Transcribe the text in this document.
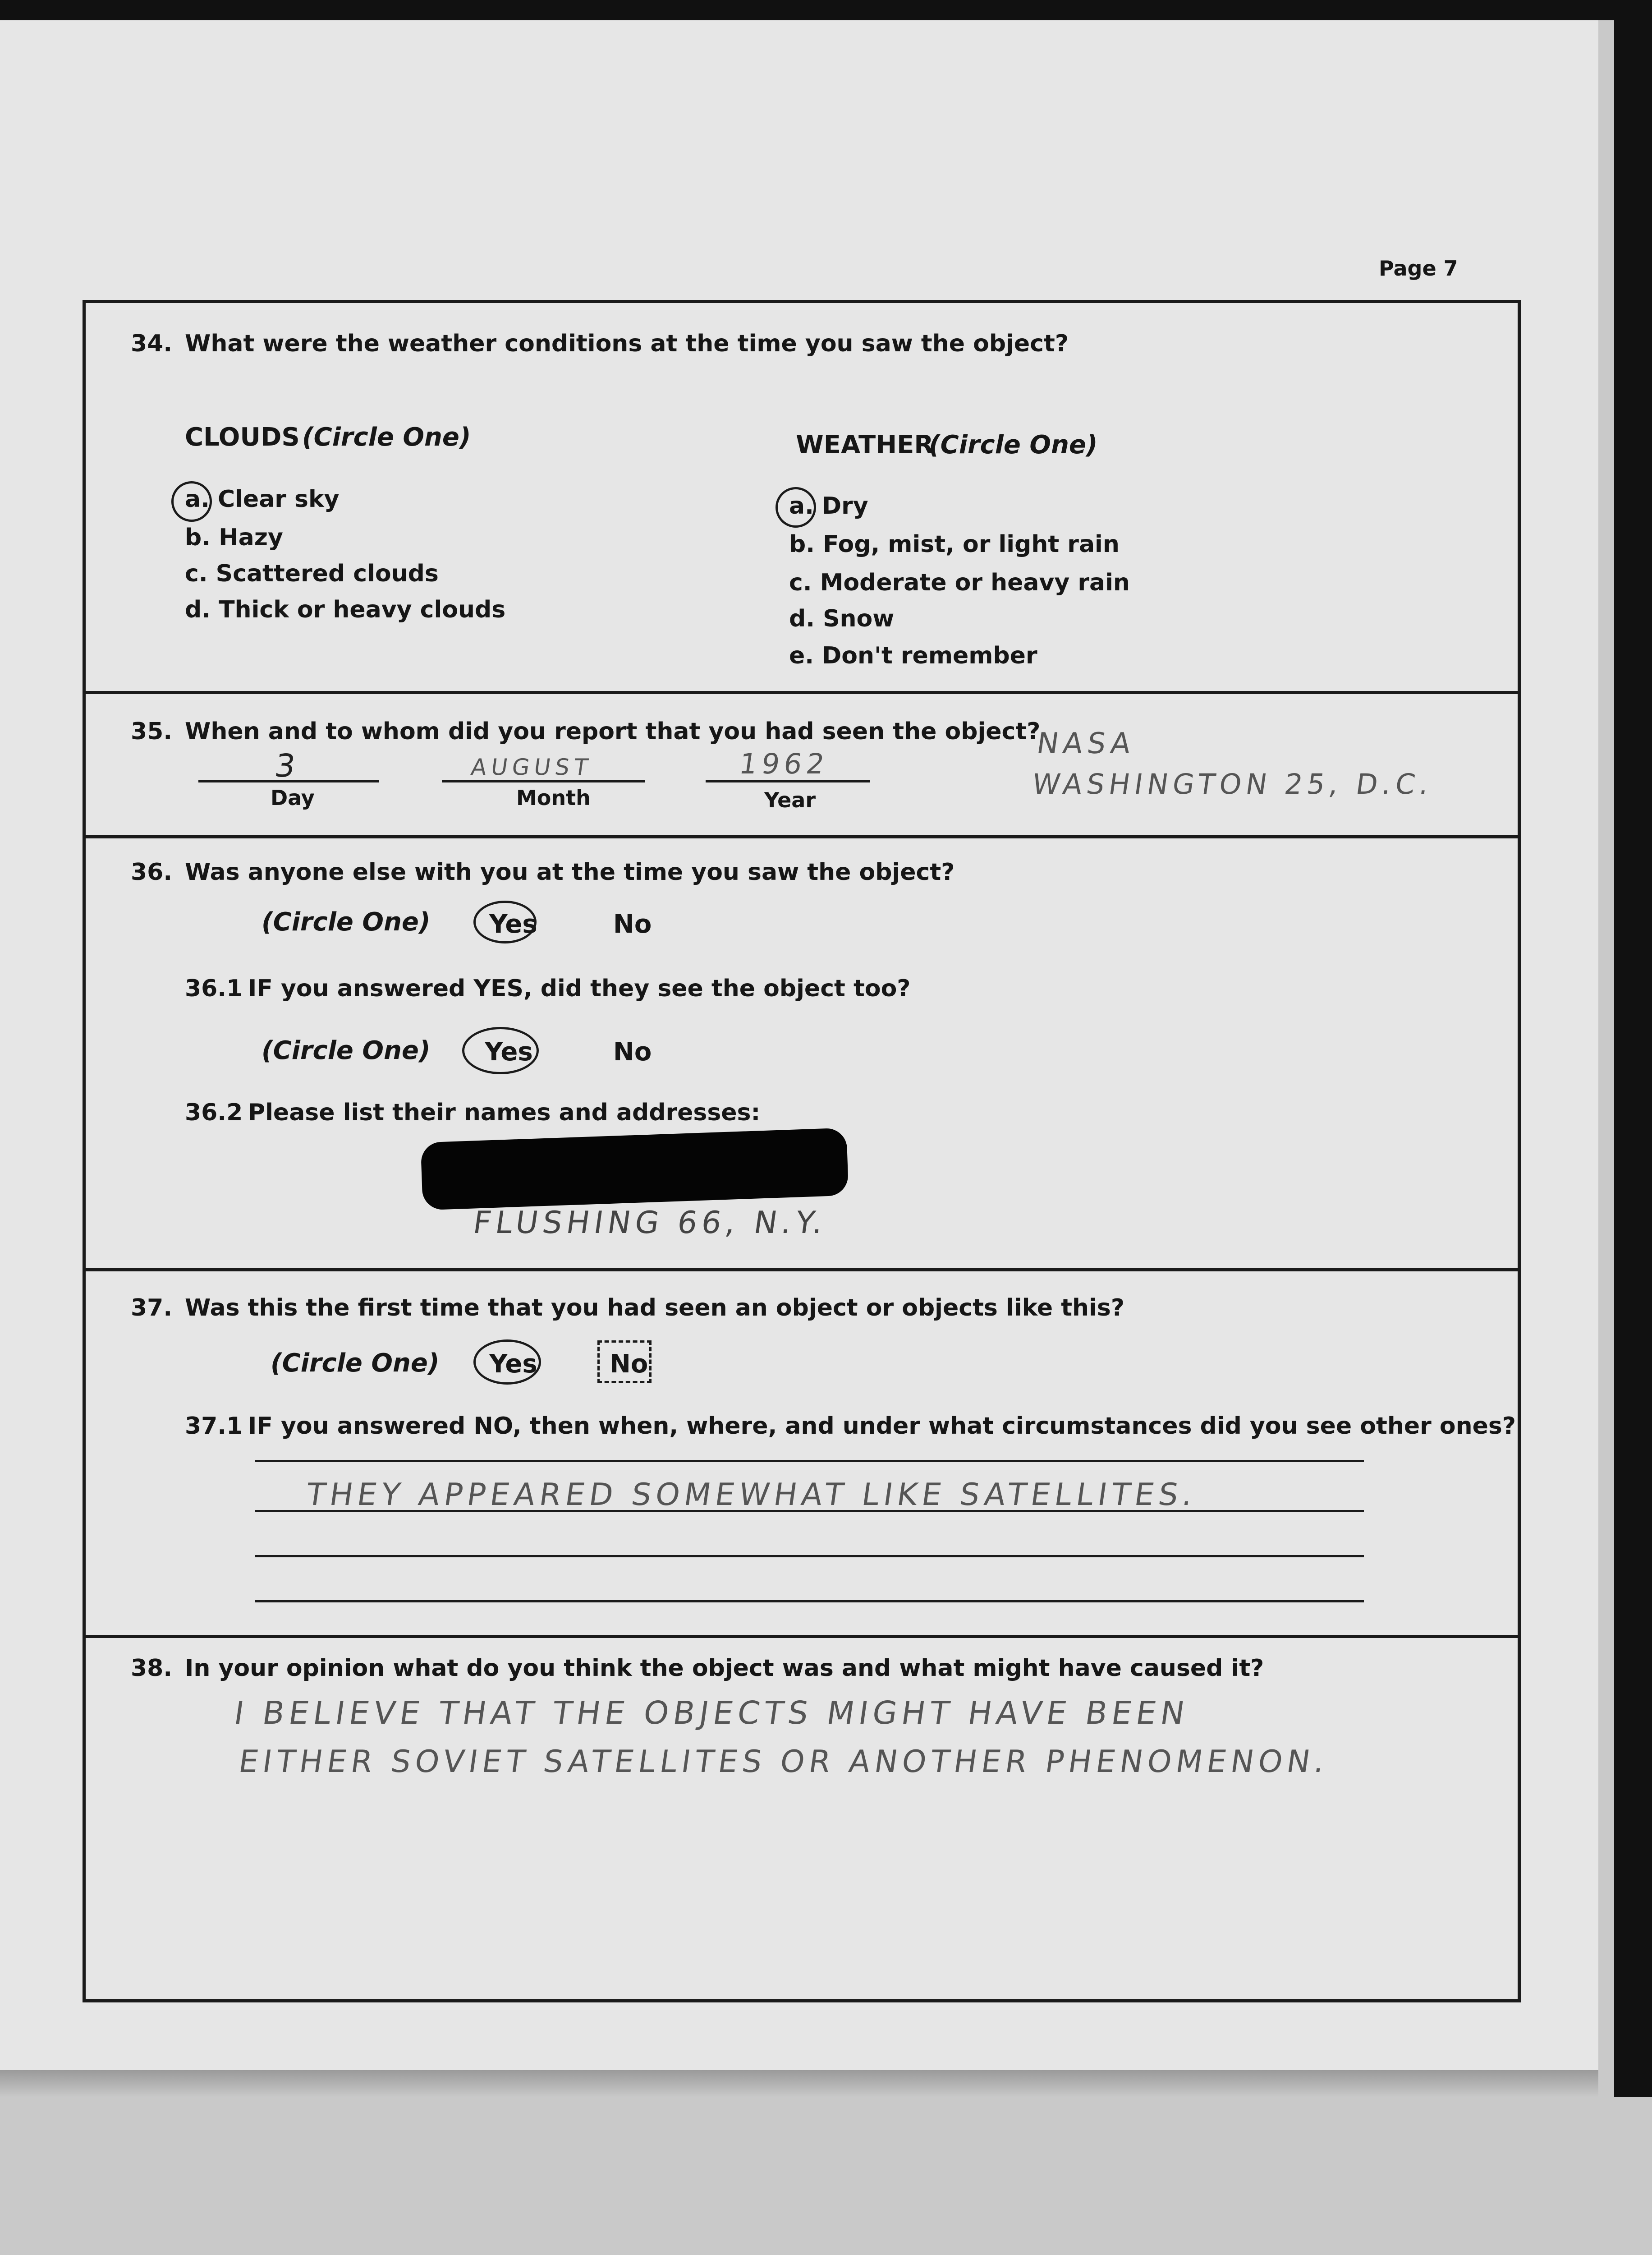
Page 7
34. What were the weather conditions at the time you saw the object?
CLOUDS (Circle One)
a. Clear sky
b. Hazy
c. Scattered clouds
d. Thick or heavy clouds
WEATHER
(Circle One)
a. Dry
b. Fog, mist, or light rain
c. Moderate or heavy rain
d. Snow
e. Don't remember
35. When and to whom did you report that you had seen the object?
3
Day
AUGUST
Month
1962
Year
NASA
WASHINGTON 25, D.C.
36. Was anyone else with you at the time you saw the object?
(Circle One) Yes	No
36.1 IF you answered YES, did they see the object too?
(Circle One) Yes	No
36.2 Please list their names and addresses:
FLUSHING 66, N.Y.
37. Was this the first time that you had seen an object or objects like this?
(Circle One) Yes	No
37.1 IF you answered NO, then when, where, and under what circumstances did you see other ones?
THEY APPEARED SOMEWHAT LIKE SATELLITES.
38. In your opinion what do you think the object was and what might have caused it?
I BELIEVE THAT THE OBJECTS MIGHT HAVE BEEN
EITHER SOVIET SATELLITES OR ANOTHER PHENOMENON.
